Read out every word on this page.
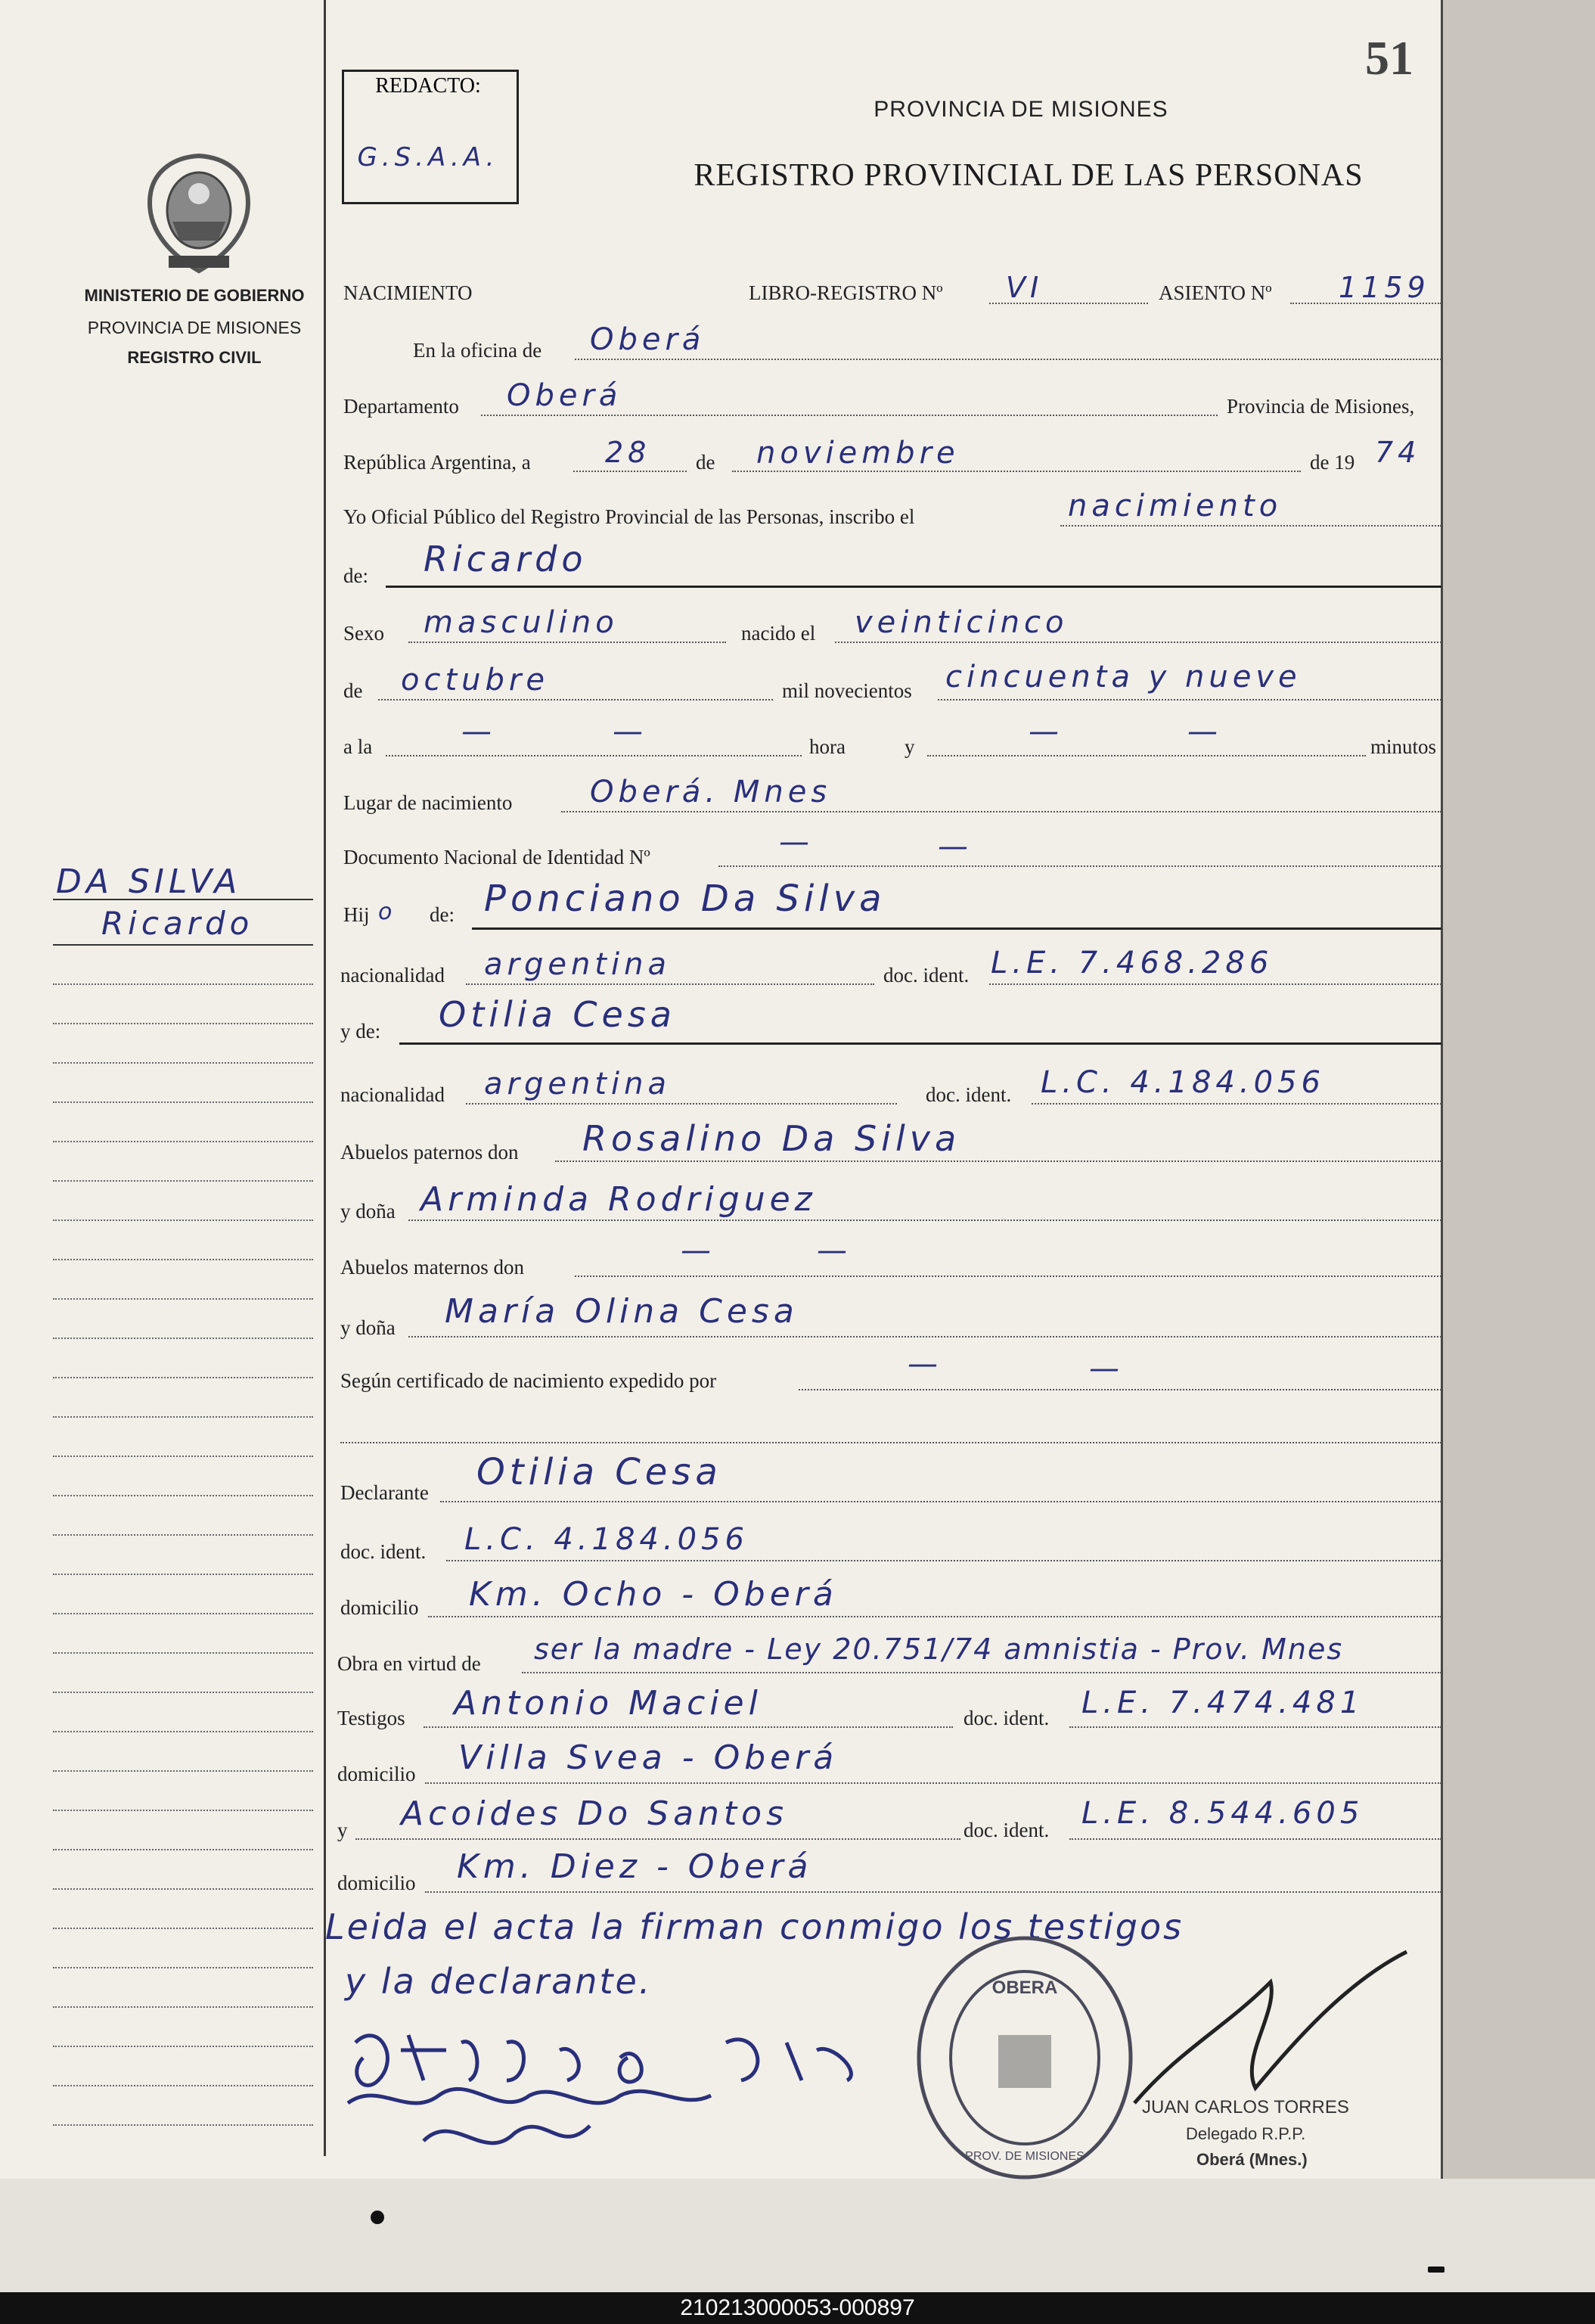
51
REDACTO:
G.S.A.A.
PROVINCIA DE MISIONES
REGISTRO PROVINCIAL DE LAS PERSONAS
MINISTERIO DE GOBIERNO
PROVINCIA DE MISIONES
REGISTRO CIVIL
DA SILVA
Ricardo
NACIMIENTO	LIBRO-REGISTRO Nº VI	ASIENTO Nº 1159
En la oficina de Oberá
Departamento Oberá	Provincia de Misiones,
República Argentina, a	28 de noviembre	de 19 74
Yo Oficial Público del Registro Provincial de las Personas, inscribo el	nacimiento
de: Ricardo
Sexo masculino	nacido el veinticinco
de octubre	mil novecientos cincuenta y nueve
a la	—	—	hora	y	—	—	minutos
Lugar de nacimiento	Oberá. Mnes
Documento Nacional de Identidad Nº	—	—
Hij o de: Ponciano Da Silva
nacionalidad argentina	doc. ident. L.E. 7.468.286
y de: Otilia Cesa
nacionalidad argentina	doc. ident. L.C. 4.184.056
Abuelos paternos don Rosalino Da Silva
y doña Arminda Rodriguez
Abuelos maternos don	—	—
y doña María Olina Cesa
Según certificado de nacimiento expedido por	—	—
Declarante Otilia Cesa
doc. ident. L.C. 4.184.056
domicilio Km. Ocho - Oberá
Obra en virtud de ser la madre - Ley 20.751/74 amnistia - Prov. Mnes
Testigos Antonio Maciel	doc. ident. L.E. 7.474.481
domicilio Villa Svea - Oberá
y Acoides Do Santos	doc. ident. L.E. 8.544.605
domicilio Km. Diez - Oberá
Leida el acta la firman conmigo los testigos
y la declarante.	OBERA
PROV. DE MISIONES
JUAN CARLOS TORRES
Delegado R.P.P.
Oberá (Mnes.)
210213000053-000897
